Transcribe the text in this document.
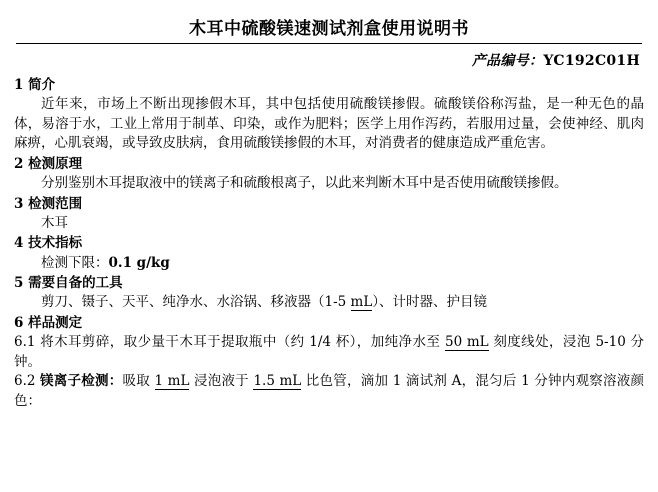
木耳中硫酸镁速测试剂盒使用说明书
产品编号：YC192C01H
1 简介

近年来，市场上不断出现掺假木耳，其中包括使用硫酸镁掺假。硫酸镁俗称泻盐，是一种无色的晶体，易溶于水，工业上常用于制革、印染，或作为肥料；医学上用作泻药，若服用过量，会使神经、肌肉麻痹，心肌衰竭，或导致皮肤病，食用硫酸镁掺假的木耳，对消费者的健康造成严重危害。

2 检测原理

分别鉴别木耳提取液中的镁离子和硫酸根离子，以此来判断木耳中是否使用硫酸镁掺假。

3 检测范围

木耳

4 技术指标

检测下限：0.1 g/kg

5 需要自备的工具

剪刀、镊子、天平、纯净水、水浴锅、移液器（1-5 mL）、计时器、护目镜

6 样品测定

6.1 将木耳剪碎，取少量干木耳于提取瓶中（约 1/4 杯），加纯净水至 50 mL 刻度线处，浸泡 5-10 分钟。

6.2 镁离子检测：吸取 1 mL 浸泡液于 1.5 mL 比色管，滴加 1 滴试剂 A，混匀后 1 分钟内观察溶液颜色：
